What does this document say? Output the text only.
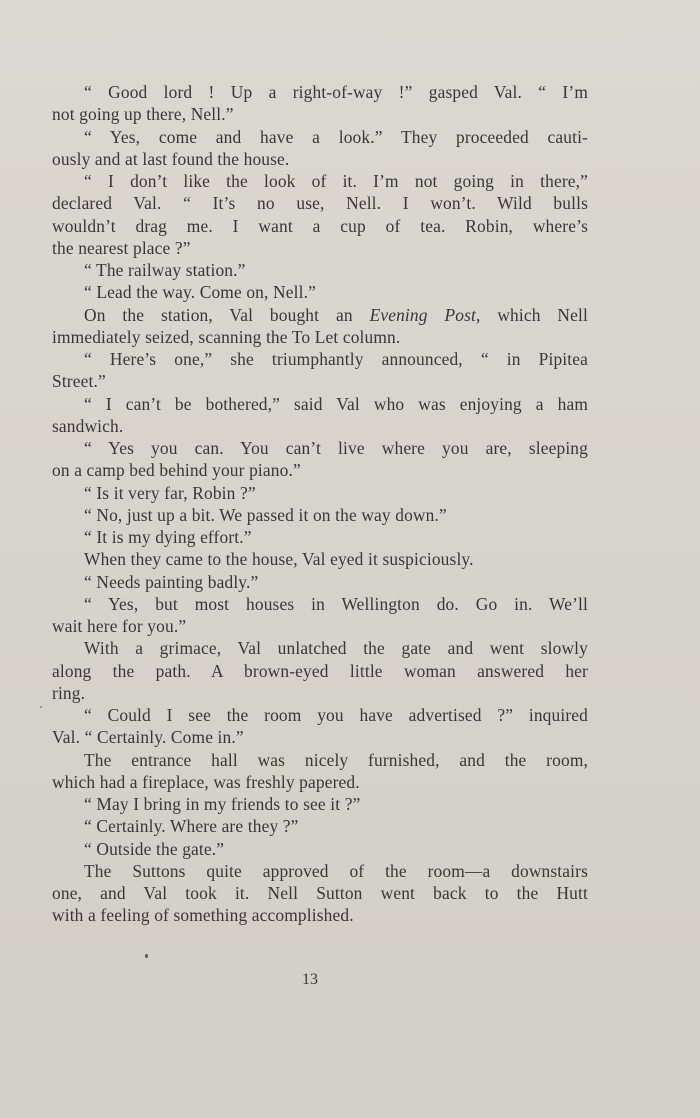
“ Good lord ! Up a right-of-way !” gasped Val. “ I’m
not going up there, Nell.”
“ Yes, come and have a look.” They proceeded cauti-
ously and at last found the house.
“ I don’t like the look of it. I’m not going in there,”
declared Val. “ It’s no use, Nell. I won’t. Wild bulls
wouldn’t drag me. I want a cup of tea. Robin, where’s
the nearest place ?”
“ The railway station.”
“ Lead the way. Come on, Nell.”
On the station, Val bought an Evening Post, which Nell
immediately seized, scanning the To Let column.
“ Here’s one,” she triumphantly announced, “ in Pipitea
Street.”
“ I can’t be bothered,” said Val who was enjoying a ham
sandwich.
“ Yes you can. You can’t live where you are, sleeping
on a camp bed behind your piano.”
“ Is it very far, Robin ?”
“ No, just up a bit. We passed it on the way down.”
“ It is my dying effort.”
When they came to the house, Val eyed it suspiciously.
“ Needs painting badly.”
“ Yes, but most houses in Wellington do. Go in. We’ll
wait here for you.”
With a grimace, Val unlatched the gate and went slowly
along the path. A brown-eyed little woman answered her
ring.
“ Could I see the room you have advertised ?” inquired
Val. “ Certainly. Come in.”
The entrance hall was nicely furnished, and the room,
which had a fireplace, was freshly papered.
“ May I bring in my friends to see it ?”
“ Certainly. Where are they ?”
“ Outside the gate.”
The Suttons quite approved of the room—a downstairs
one, and Val took it. Nell Sutton went back to the Hutt
with a feeling of something accomplished.
13
